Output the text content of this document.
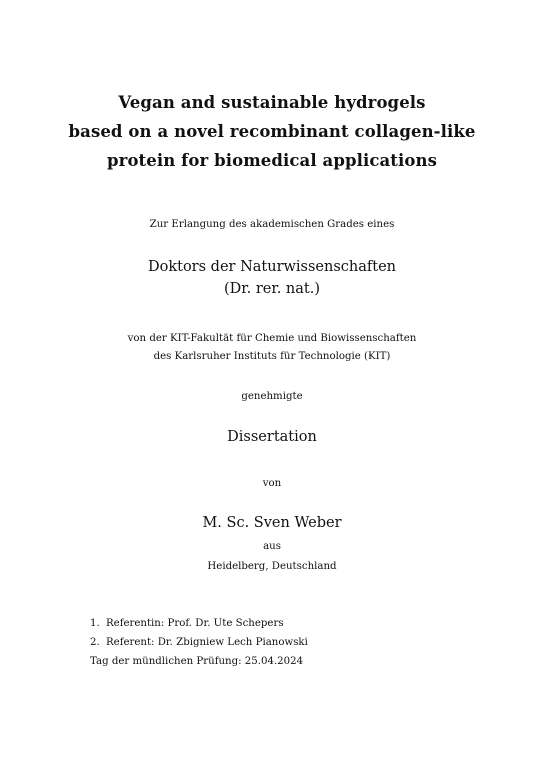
Vegan and sustainable hydrogels
based on a novel recombinant collagen-like
protein for biomedical applications

Zur Erlangung des akademischen Grades eines

Doktors der Naturwissenschaften
(Dr. rer. nat.)

von der KIT-Fakultät für Chemie und Biowissenschaften
des Karlsruher Instituts für Technologie (KIT)

genehmigte

Dissertation

von

M. Sc. Sven Weber

aus

Heidelberg, Deutschland

1. Referentin: Prof. Dr. Ute Schepers
2. Referent: Dr. Zbigniew Lech Pianowski
Tag der mündlichen Prüfung: 25.04.2024
